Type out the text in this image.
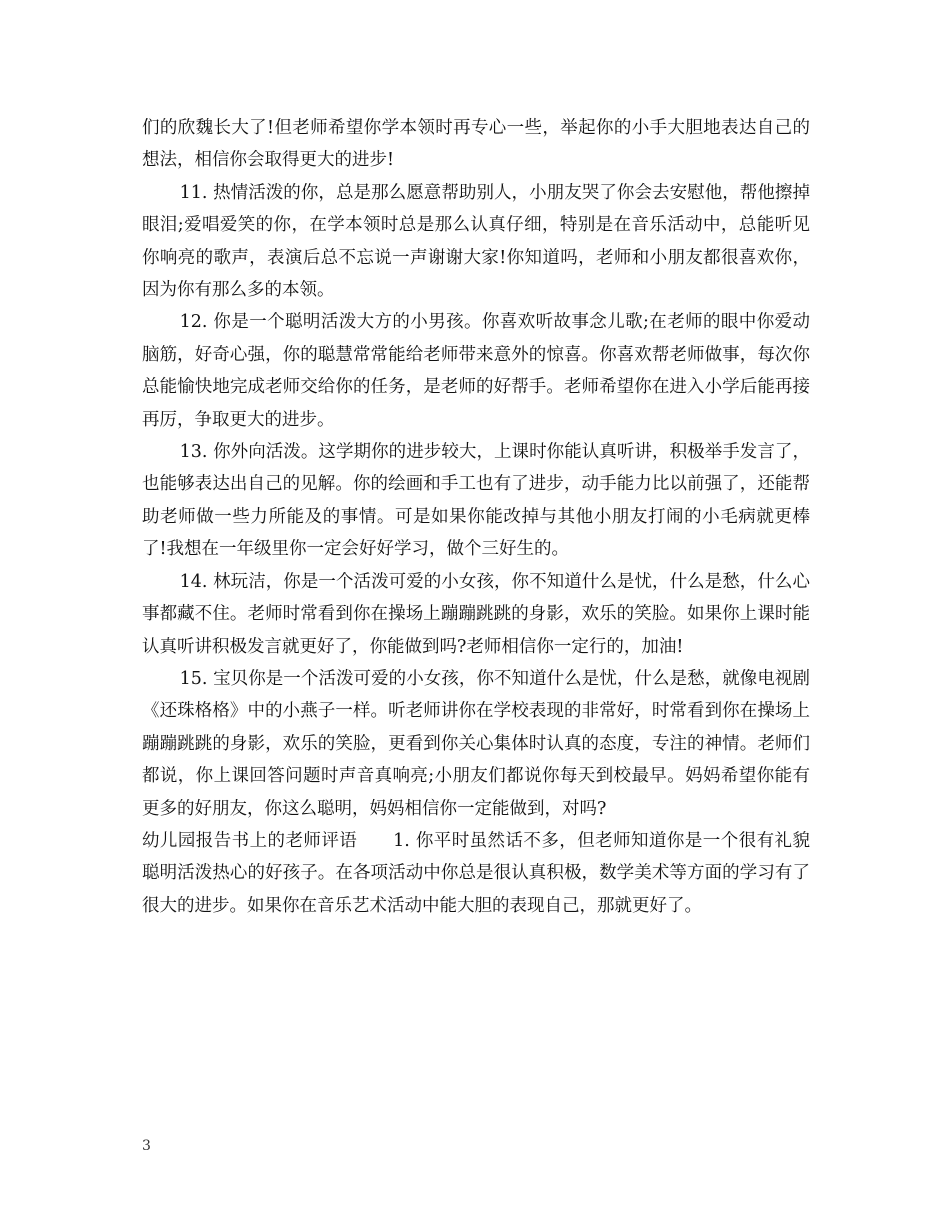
们的欣魏长大了!但老师希望你学本领时再专心一些，举起你的小手大胆地表达自己的想法，相信你会取得更大的进步!

11. 热情活泼的你，总是那么愿意帮助别人，小朋友哭了你会去安慰他，帮他擦掉眼泪;爱唱爱笑的你，在学本领时总是那么认真仔细，特别是在音乐活动中，总能听见你响亮的歌声，表演后总不忘说一声谢谢大家!你知道吗，老师和小朋友都很喜欢你，因为你有那么多的本领。

12. 你是一个聪明活泼大方的小男孩。你喜欢听故事念儿歌;在老师的眼中你爱动脑筋，好奇心强，你的聪慧常常能给老师带来意外的惊喜。你喜欢帮老师做事，每次你总能愉快地完成老师交给你的任务，是老师的好帮手。老师希望你在进入小学后能再接再厉，争取更大的进步。

13. 你外向活泼。这学期你的进步较大，上课时你能认真听讲，积极举手发言了，也能够表达出自己的见解。你的绘画和手工也有了进步，动手能力比以前强了，还能帮助老师做一些力所能及的事情。可是如果你能改掉与其他小朋友打闹的小毛病就更棒了!我想在一年级里你一定会好好学习，做个三好生的。

14. 林玩洁，你是一个活泼可爱的小女孩，你不知道什么是忧，什么是愁，什么心事都藏不住。老师时常看到你在操场上蹦蹦跳跳的身影，欢乐的笑脸。如果你上课时能认真听讲积极发言就更好了，你能做到吗?老师相信你一定行的，加油!

15. 宝贝你是一个活泼可爱的小女孩，你不知道什么是忧，什么是愁，就像电视剧《还珠格格》中的小燕子一样。听老师讲你在学校表现的非常好，时常看到你在操场上蹦蹦跳跳的身影，欢乐的笑脸，更看到你关心集体时认真的态度，专注的神情。老师们都说，你上课回答问题时声音真响亮;小朋友们都说你每天到校最早。妈妈希望你能有更多的好朋友，你这么聪明，妈妈相信你一定能做到，对吗?

幼儿园报告书上的老师评语　　1. 你平时虽然话不多，但老师知道你是一个很有礼貌聪明活泼热心的好孩子。在各项活动中你总是很认真积极，数学美术等方面的学习有了很大的进步。如果你在音乐艺术活动中能大胆的表现自己，那就更好了。

3
